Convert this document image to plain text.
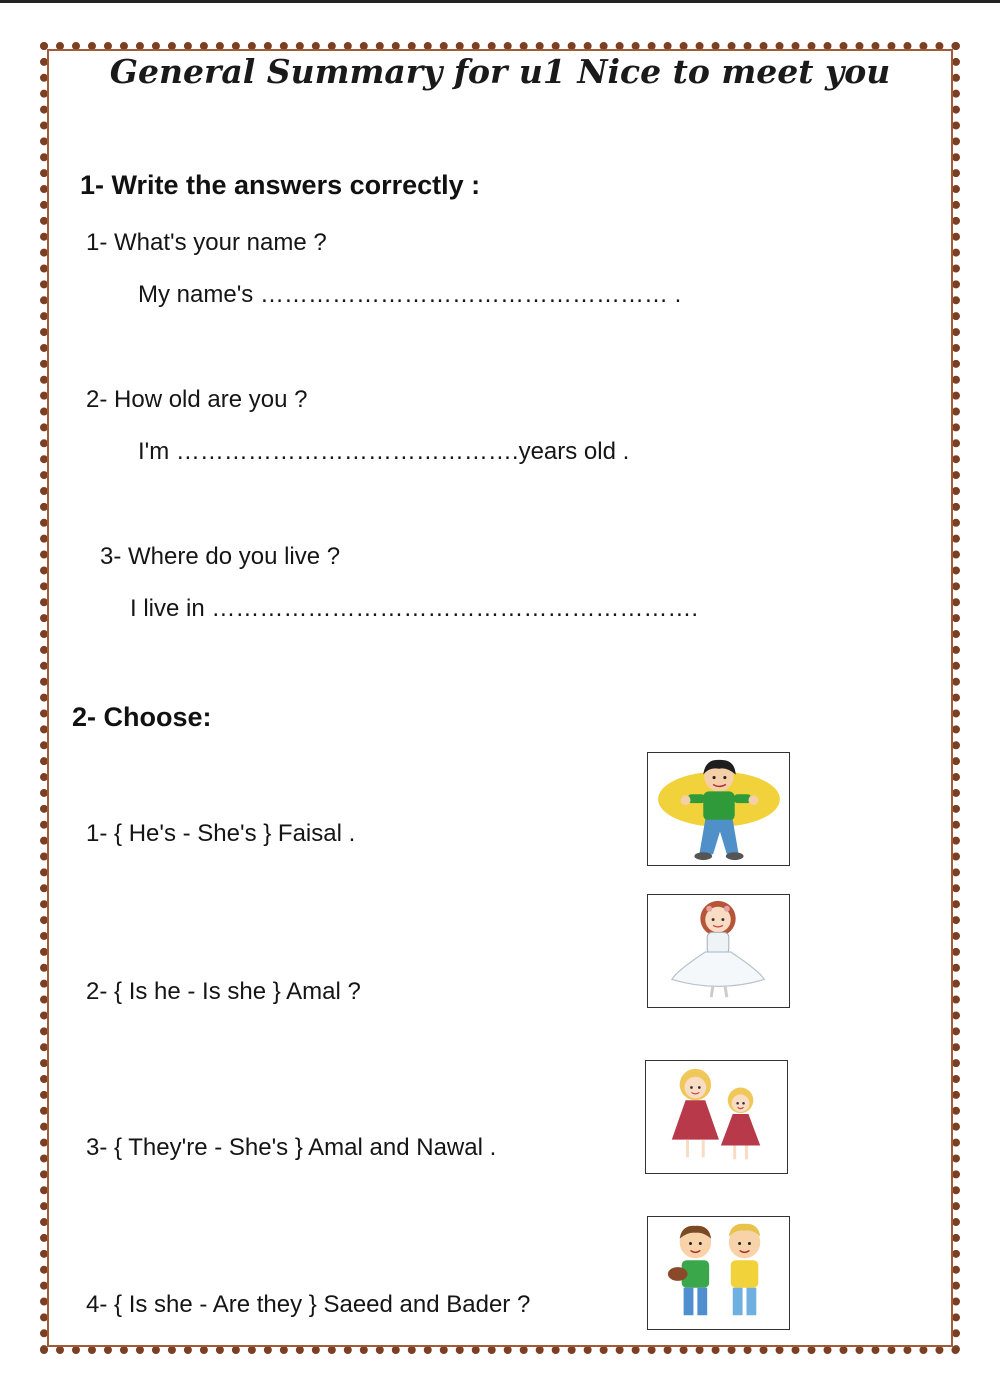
General Summary for u1 Nice to meet you
1- Write the answers correctly :
1- What's your name ?
My name's …………………………………………… .
2- How old are you ?
I'm …………………………………….years old .
3- Where do you live ?
I live in …………………………………………………….
2- Choose:
1- { He's - She's } Faisal .
2- { Is he - Is she } Amal ?
3- { They're - She's } Amal and Nawal .
4- { Is she - Are they } Saeed and Bader ?
